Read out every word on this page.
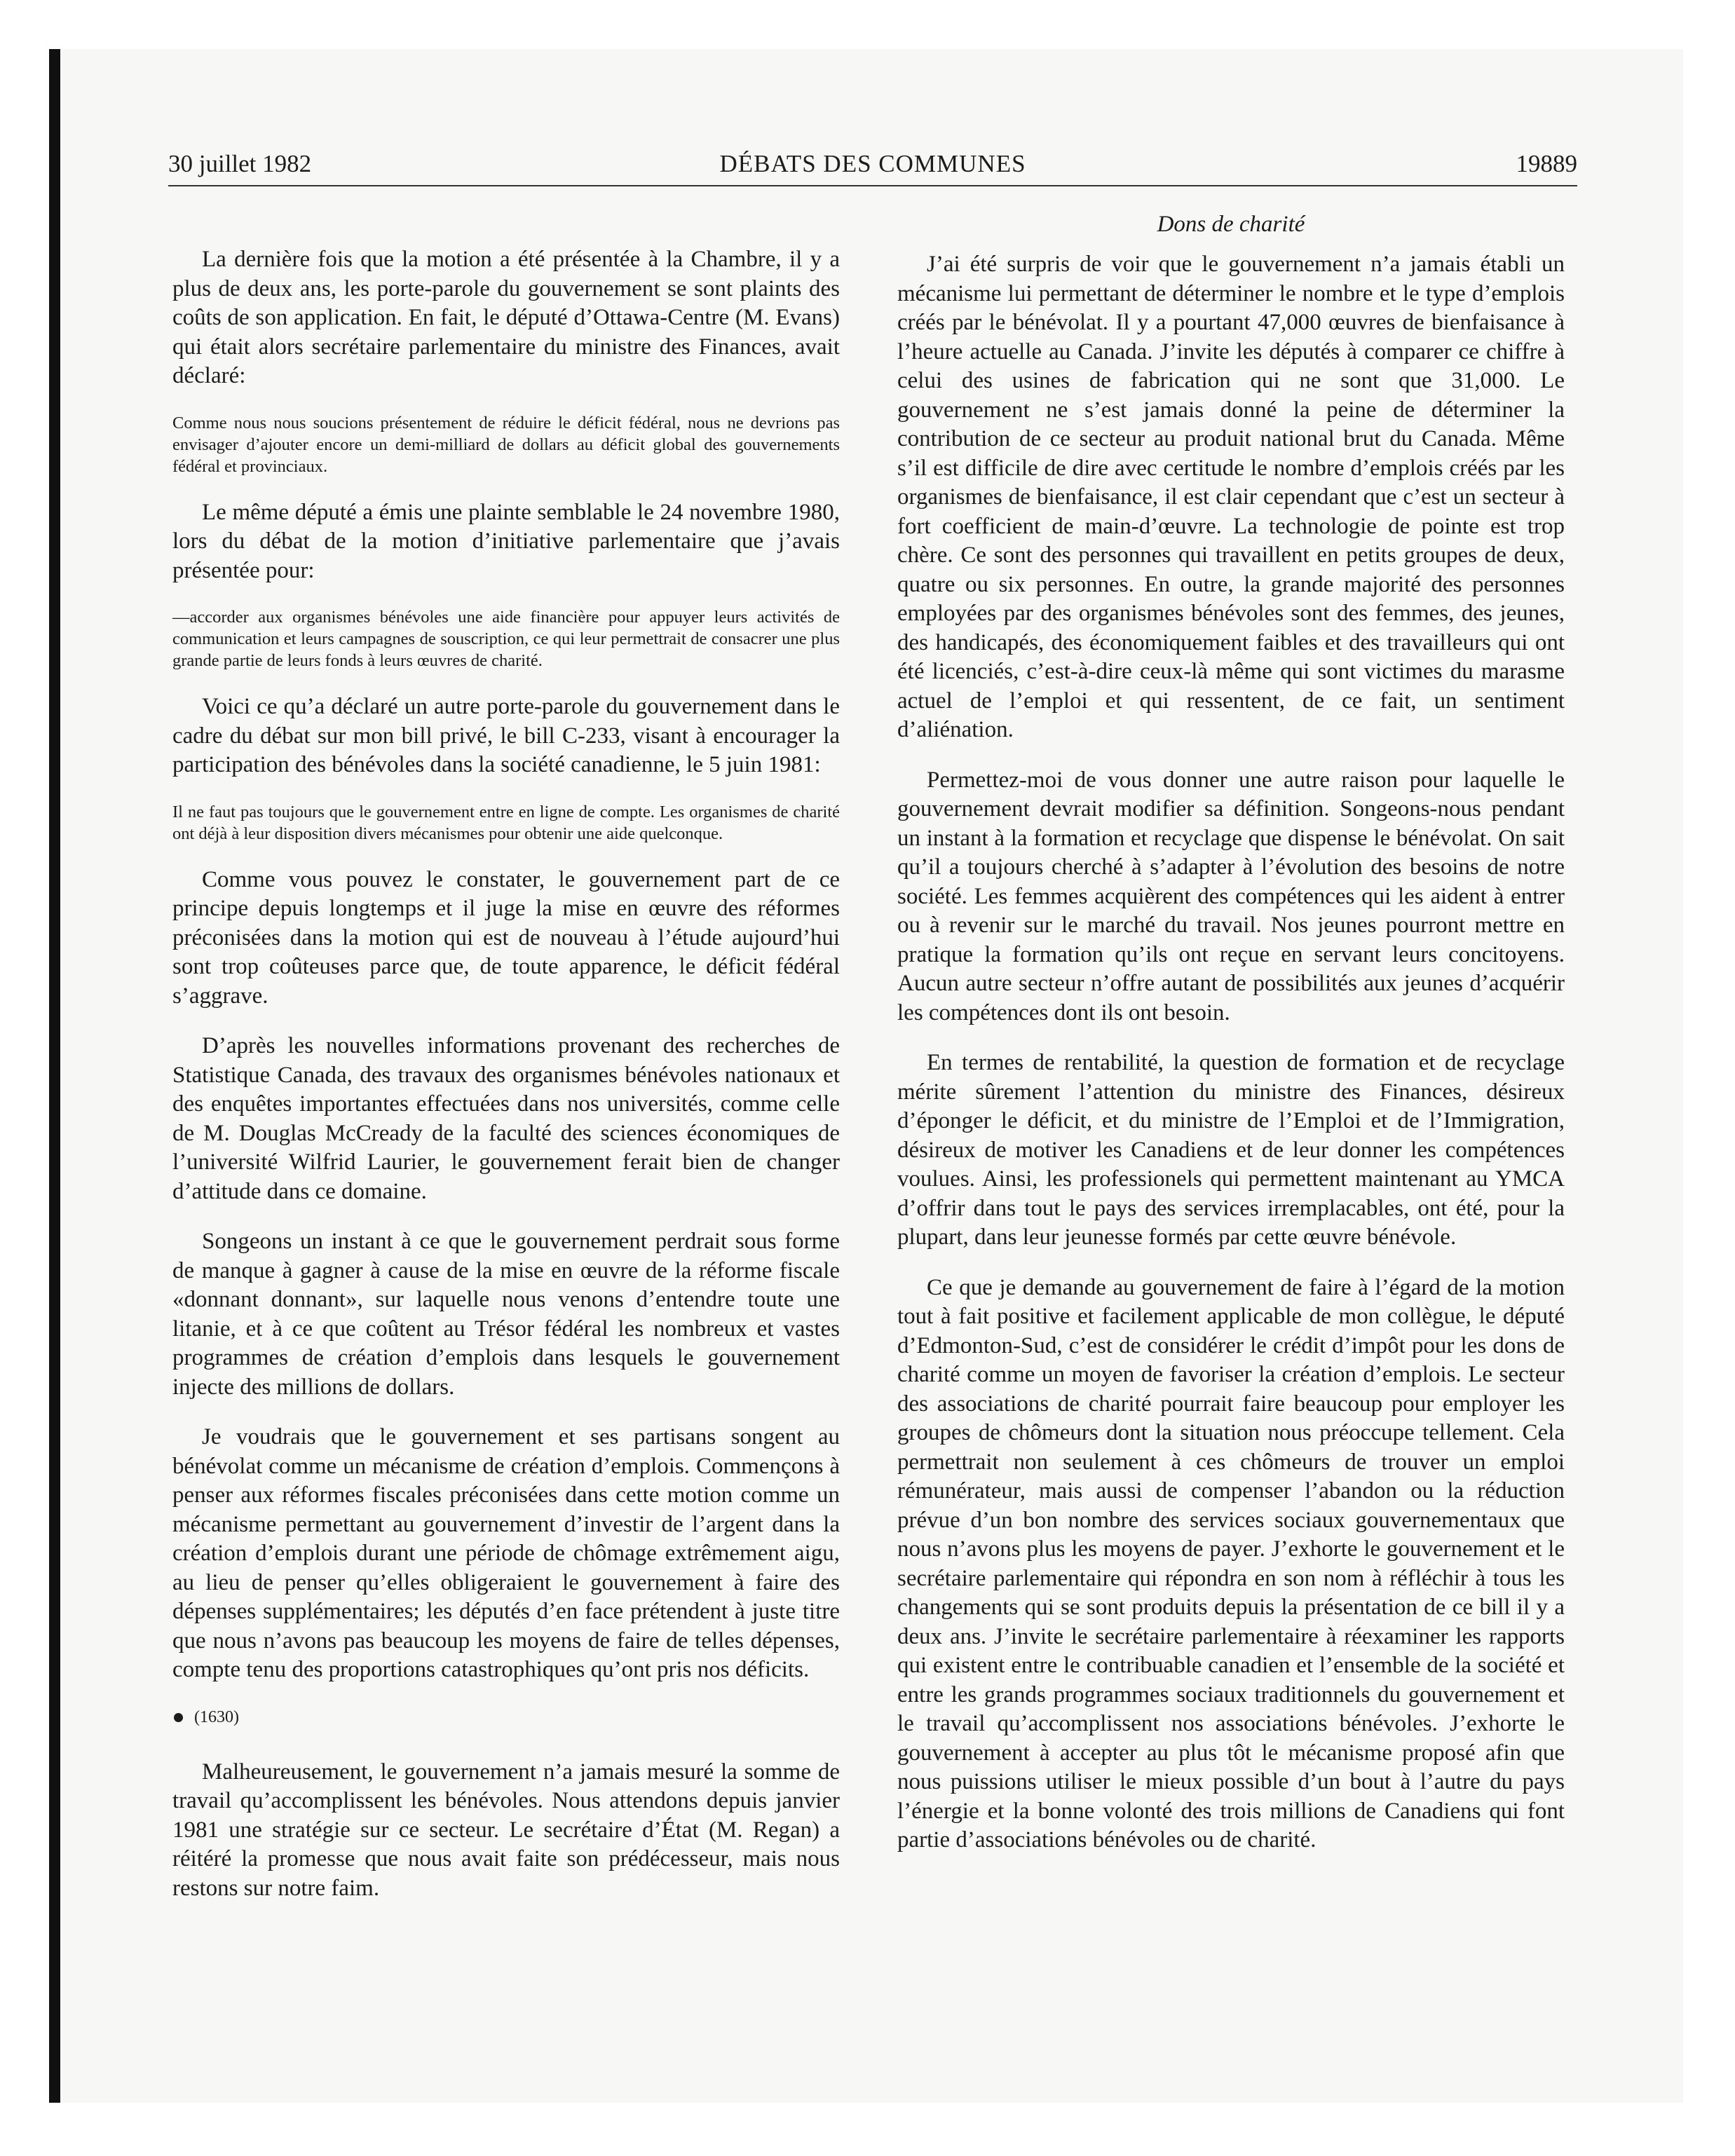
30 juillet 1982	DÉBATS DES COMMUNES	19889

La dernière fois que la motion a été présentée à la Chambre, il y a plus de deux ans, les porte-parole du gouvernement se sont plaints des coûts de son application. En fait, le député d’Ottawa-Centre (M. Evans) qui était alors secrétaire parlementaire du ministre des Finances, avait déclaré:

Comme nous nous soucions présentement de réduire le déficit fédéral, nous ne devrions pas envisager d’ajouter encore un demi-milliard de dollars au déficit global des gouvernements fédéral et provinciaux.

Le même député a émis une plainte semblable le 24 novembre 1980, lors du débat de la motion d’initiative parlementaire que j’avais présentée pour:

—accorder aux organismes bénévoles une aide financière pour appuyer leurs activités de communication et leurs campagnes de souscription, ce qui leur permettrait de consacrer une plus grande partie de leurs fonds à leurs œuvres de charité.

Voici ce qu’a déclaré un autre porte-parole du gouvernement dans le cadre du débat sur mon bill privé, le bill C-233, visant à encourager la participation des bénévoles dans la société canadienne, le 5 juin 1981:

Il ne faut pas toujours que le gouvernement entre en ligne de compte. Les organismes de charité ont déjà à leur disposition divers mécanismes pour obtenir une aide quelconque.

Comme vous pouvez le constater, le gouvernement part de ce principe depuis longtemps et il juge la mise en œuvre des réformes préconisées dans la motion qui est de nouveau à l’étude aujourd’hui sont trop coûteuses parce que, de toute apparence, le déficit fédéral s’aggrave.

D’après les nouvelles informations provenant des recherches de Statistique Canada, des travaux des organismes bénévoles nationaux et des enquêtes importantes effectuées dans nos universités, comme celle de M. Douglas McCready de la faculté des sciences économiques de l’université Wilfrid Laurier, le gouvernement ferait bien de changer d’attitude dans ce domaine.

Songeons un instant à ce que le gouvernement perdrait sous forme de manque à gagner à cause de la mise en œuvre de la réforme fiscale «donnant donnant», sur laquelle nous venons d’entendre toute une litanie, et à ce que coûtent au Trésor fédéral les nombreux et vastes programmes de création d’emplois dans lesquels le gouvernement injecte des millions de dollars.

Je voudrais que le gouvernement et ses partisans songent au bénévolat comme un mécanisme de création d’emplois. Commençons à penser aux réformes fiscales préconisées dans cette motion comme un mécanisme permettant au gouvernement d’investir de l’argent dans la création d’emplois durant une période de chômage extrêmement aigu, au lieu de penser qu’elles obligeraient le gouvernement à faire des dépenses supplémentaires; les députés d’en face prétendent à juste titre que nous n’avons pas beaucoup les moyens de faire de telles dépenses, compte tenu des proportions catastrophiques qu’ont pris nos déficits.

(1630)

Malheureusement, le gouvernement n’a jamais mesuré la somme de travail qu’accomplissent les bénévoles. Nous attendons depuis janvier 1981 une stratégie sur ce secteur. Le secrétaire d’État (M. Regan) a réitéré la promesse que nous avait faite son prédécesseur, mais nous restons sur notre faim.

Dons de charité

J’ai été surpris de voir que le gouvernement n’a jamais établi un mécanisme lui permettant de déterminer le nombre et le type d’emplois créés par le bénévolat. Il y a pourtant 47,000 œuvres de bienfaisance à l’heure actuelle au Canada. J’invite les députés à comparer ce chiffre à celui des usines de fabrication qui ne sont que 31,000. Le gouvernement ne s’est jamais donné la peine de déterminer la contribution de ce secteur au produit national brut du Canada. Même s’il est difficile de dire avec certitude le nombre d’emplois créés par les organismes de bienfaisance, il est clair cependant que c’est un secteur à fort coefficient de main-d’œuvre. La technologie de pointe est trop chère. Ce sont des personnes qui travaillent en petits groupes de deux, quatre ou six personnes. En outre, la grande majorité des personnes employées par des organismes bénévoles sont des femmes, des jeunes, des handicapés, des économiquement faibles et des travailleurs qui ont été licenciés, c’est-à-dire ceux-là même qui sont victimes du marasme actuel de l’emploi et qui ressentent, de ce fait, un sentiment d’aliénation.

Permettez-moi de vous donner une autre raison pour laquelle le gouvernement devrait modifier sa définition. Songeons-nous pendant un instant à la formation et recyclage que dispense le bénévolat. On sait qu’il a toujours cherché à s’adapter à l’évolution des besoins de notre société. Les femmes acquièrent des compétences qui les aident à entrer ou à revenir sur le marché du travail. Nos jeunes pourront mettre en pratique la formation qu’ils ont reçue en servant leurs concitoyens. Aucun autre secteur n’offre autant de possibilités aux jeunes d’acquérir les compétences dont ils ont besoin.

En termes de rentabilité, la question de formation et de recyclage mérite sûrement l’attention du ministre des Finances, désireux d’éponger le déficit, et du ministre de l’Emploi et de l’Immigration, désireux de motiver les Canadiens et de leur donner les compétences voulues. Ainsi, les professionels qui permettent maintenant au YMCA d’offrir dans tout le pays des services irremplacables, ont été, pour la plupart, dans leur jeunesse formés par cette œuvre bénévole.

Ce que je demande au gouvernement de faire à l’égard de la motion tout à fait positive et facilement applicable de mon collègue, le député d’Edmonton-Sud, c’est de considérer le crédit d’impôt pour les dons de charité comme un moyen de favoriser la création d’emplois. Le secteur des associations de charité pourrait faire beaucoup pour employer les groupes de chômeurs dont la situation nous préoccupe tellement. Cela permettrait non seulement à ces chômeurs de trouver un emploi rémunérateur, mais aussi de compenser l’abandon ou la réduction prévue d’un bon nombre des services sociaux gouvernementaux que nous n’avons plus les moyens de payer. J’exhorte le gouvernement et le secrétaire parlementaire qui répondra en son nom à réfléchir à tous les changements qui se sont produits depuis la présentation de ce bill il y a deux ans. J’invite le secrétaire parlementaire à réexaminer les rapports qui existent entre le contribuable canadien et l’ensemble de la société et entre les grands programmes sociaux traditionnels du gouvernement et le travail qu’accomplissent nos associations bénévoles. J’exhorte le gouvernement à accepter au plus tôt le mécanisme proposé afin que nous puissions utiliser le mieux possible d’un bout à l’autre du pays l’énergie et la bonne volonté des trois millions de Canadiens qui font partie d’associations bénévoles ou de charité.
